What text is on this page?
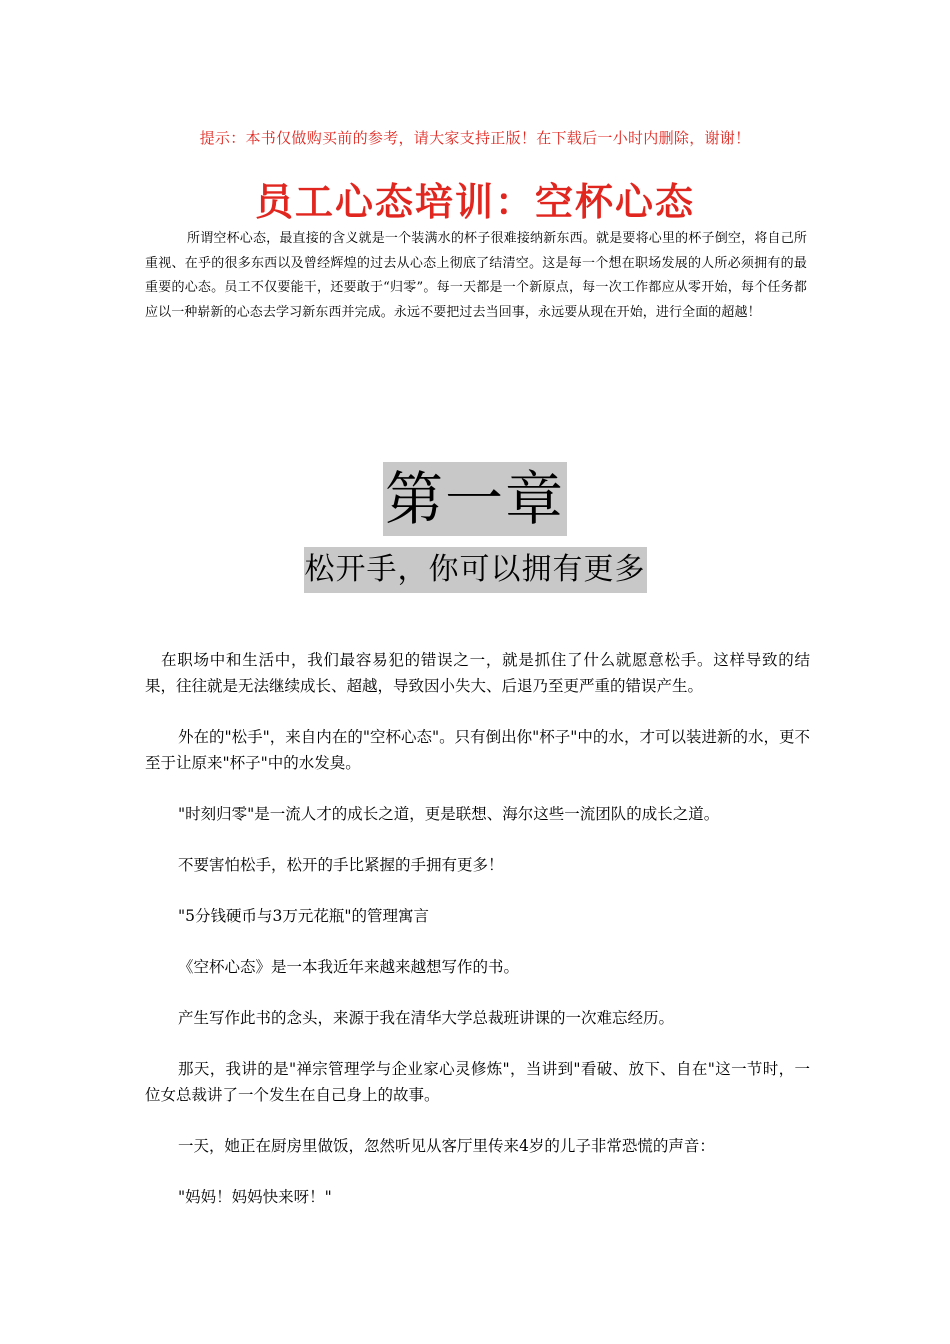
提示：本书仅做购买前的参考，请大家支持正版！在下载后一小时内删除，谢谢！
员工心态培训：空杯心态
所谓空杯心态，最直接的含义就是一个装满水的杯子很难接纳新东西。就是要将心里的杯子倒空，将自己所重视、在乎的很多东西以及曾经辉煌的过去从心态上彻底了结清空。这是每一个想在职场发展的人所必须拥有的最重要的心态。员工不仅要能干，还要敢于“归零”。每一天都是一个新原点，每一次工作都应从零开始，每个任务都应以一种崭新的心态去学习新东西并完成。永远不要把过去当回事，永远要从现在开始，进行全面的超越！
第一章
松开手，你可以拥有更多

在职场中和生活中，我们最容易犯的错误之一，就是抓住了什么就愿意松手。这样导致的结果，往往就是无法继续成长、超越，导致因小失大、后退乃至更严重的错误产生。

外在的"松手"，来自内在的"空杯心态"。只有倒出你"杯子"中的水，才可以装进新的水，更不至于让原来"杯子"中的水发臭。

"时刻归零"是一流人才的成长之道，更是联想、海尔这些一流团队的成长之道。

不要害怕松手，松开的手比紧握的手拥有更多！

"5分钱硬币与3万元花瓶"的管理寓言

《空杯心态》是一本我近年来越来越想写作的书。

产生写作此书的念头，来源于我在清华大学总裁班讲课的一次难忘经历。

那天，我讲的是"禅宗管理学与企业家心灵修炼"，当讲到"看破、放下、自在"这一节时，一位女总裁讲了一个发生在自己身上的故事。

一天，她正在厨房里做饭，忽然听见从客厅里传来4岁的儿子非常恐慌的声音：

"妈妈！妈妈快来呀！"
